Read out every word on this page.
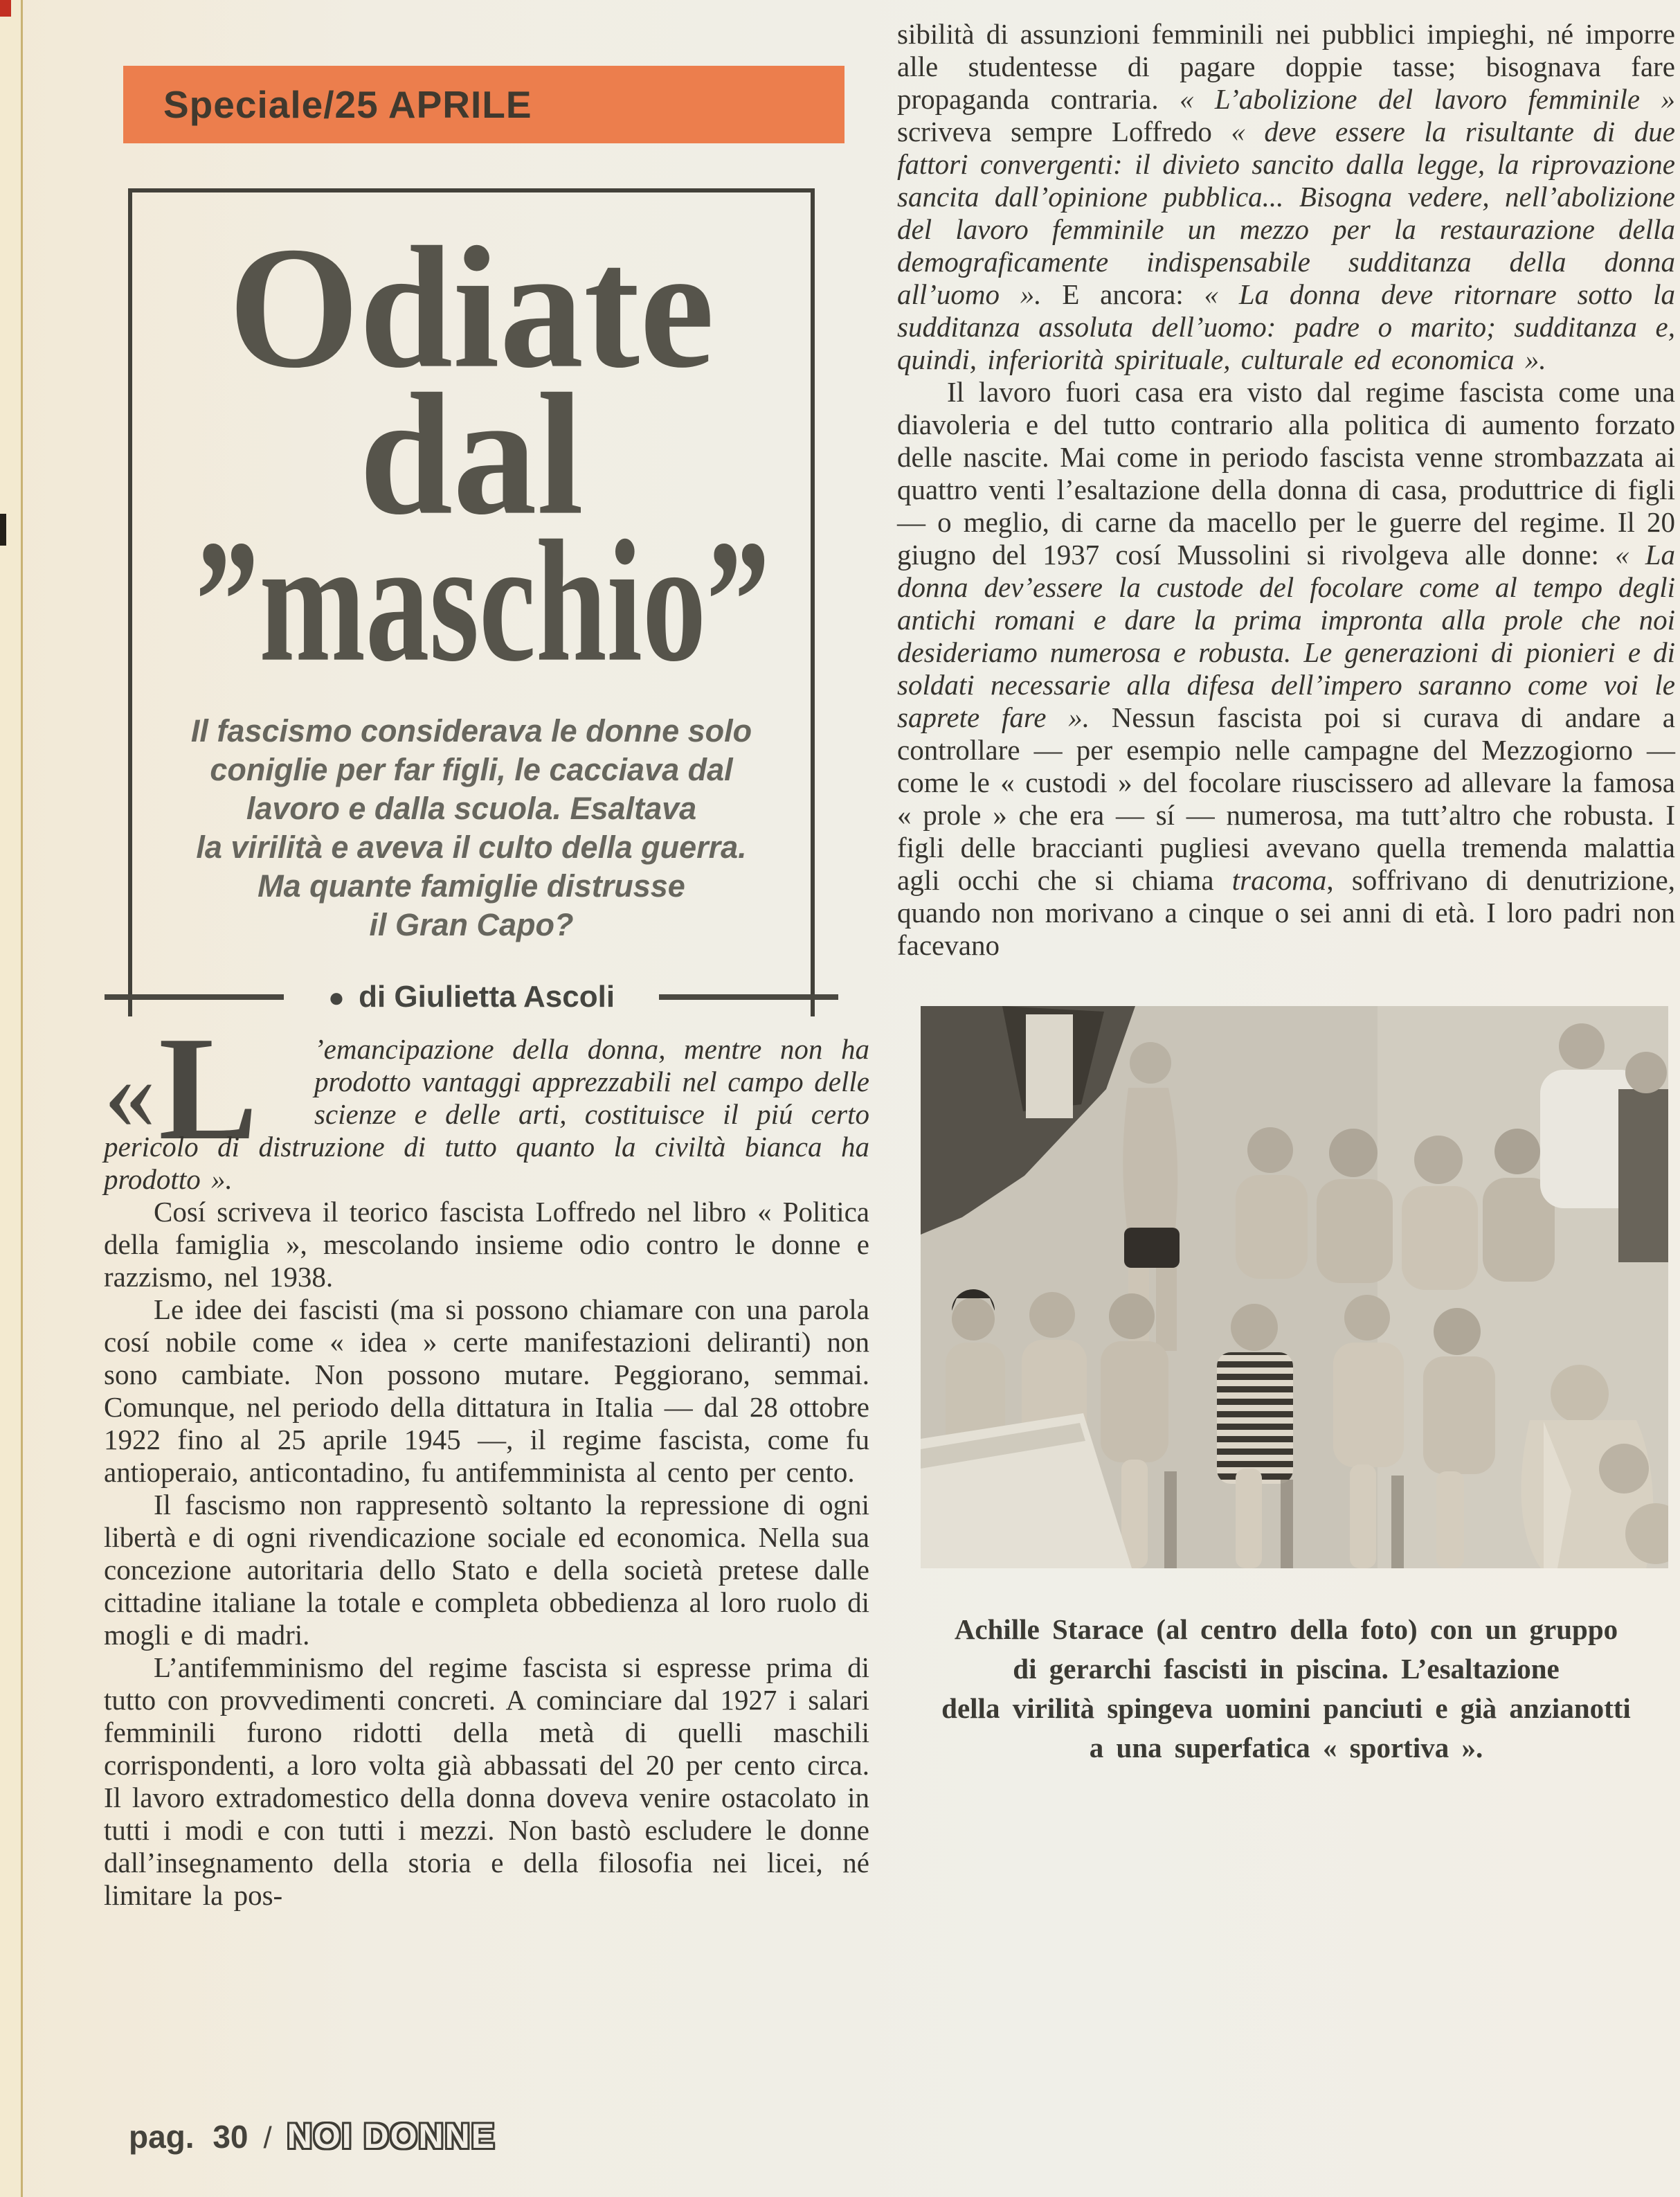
Speciale/25 APRILE
Odiate
dal
”maschio”
Il fascismo considerava le donne solo
coniglie per far figli, le cacciava dal
lavoro e dalla scuola. Esaltava
la virilità e aveva il culto della guerra.
Ma quante famiglie distrusse
il Gran Capo?
● di Giulietta Ascoli

« L ’emancipazione della donna, mentre non ha prodotto vantaggi apprezzabili nel campo delle scienze e delle arti, costituisce il piú certo pericolo di distruzione di tutto quanto la civiltà bianca ha prodotto ».

Cosí scriveva il teorico fascista Loffredo nel libro « Politica della famiglia », mescolando insieme odio contro le donne e razzismo, nel 1938.

Le idee dei fascisti (ma si possono chiamare con una parola cosí nobile come « idea » certe manifestazioni deliranti) non sono cambiate. Non possono mutare. Peggiorano, semmai. Comunque, nel periodo della dittatura in Italia — dal 28 ottobre 1922 fino al 25 aprile 1945 —, il regime fascista, come fu antioperaio, anticontadino, fu antifemminista al cento per cento.

Il fascismo non rappresentò soltanto la repressione di ogni libertà e di ogni rivendicazione sociale ed economica. Nella sua concezione autoritaria dello Stato e della società pretese dalle cittadine italiane la totale e completa obbedienza al loro ruolo di mogli e di madri.

L’antifemminismo del regime fascista si espresse prima di tutto con provvedimenti concreti. A cominciare dal 1927 i salari femminili furono ridotti della metà di quelli maschili corrispondenti, a loro volta già abbassati del 20 per cento circa. Il lavoro extradomestico della donna doveva venire ostacolato in tutti i modi e con tutti i mezzi. Non bastò escludere le donne dall’insegnamento della storia e della filosofia nei licei, né limitare la pos-

sibilità di assunzioni femminili nei pubblici impieghi, né imporre alle studentesse di pagare doppie tasse; bisognava fare propaganda contraria. « L’abolizione del lavoro femminile » scriveva sempre Loffredo « deve essere la risultante di due fattori convergenti: il divieto sancito dalla legge, la riprovazione sancita dall’opinione pubblica... Bisogna vedere, nell’abolizione del lavoro femminile un mezzo per la restaurazione della demograficamente indispensabile sudditanza della donna all’uomo ». E ancora: « La donna deve ritornare sotto la sudditanza assoluta dell’uomo: padre o marito; sudditanza e, quindi, inferiorità spirituale, culturale ed economica ».

Il lavoro fuori casa era visto dal regime fascista come una diavoleria e del tutto contrario alla politica di aumento forzato delle nascite. Mai come in periodo fascista venne strombazzata ai quattro venti l’esaltazione della donna di casa, produttrice di figli — o meglio, di carne da macello per le guerre del regime. Il 20 giugno del 1937 cosí Mussolini si rivolgeva alle donne: « La donna dev’essere la custode del focolare come al tempo degli antichi romani e dare la prima impronta alla prole che noi desideriamo numerosa e robusta. Le generazioni di pionieri e di soldati necessarie alla difesa dell’impero saranno come voi le saprete fare ». Nessun fascista poi si curava di andare a controllare — per esempio nelle campagne del Mezzogiorno — come le « custodi » del focolare riuscissero ad allevare la famosa « prole » che era — sí — numerosa, ma tutt’altro che robusta. I figli delle braccianti pugliesi avevano quella tremenda malattia agli occhi che si chiama tracoma, soffrivano di denutrizione, quando non morivano a cinque o sei anni di età. I loro padri non facevano

Achille Starace (al centro della foto) con un gruppo
di gerarchi fascisti in piscina. L’esaltazione
della virilità spingeva uomini panciuti e già anzianotti
a una superfatica « sportiva ».
pag. 30 / NOI DONNE
